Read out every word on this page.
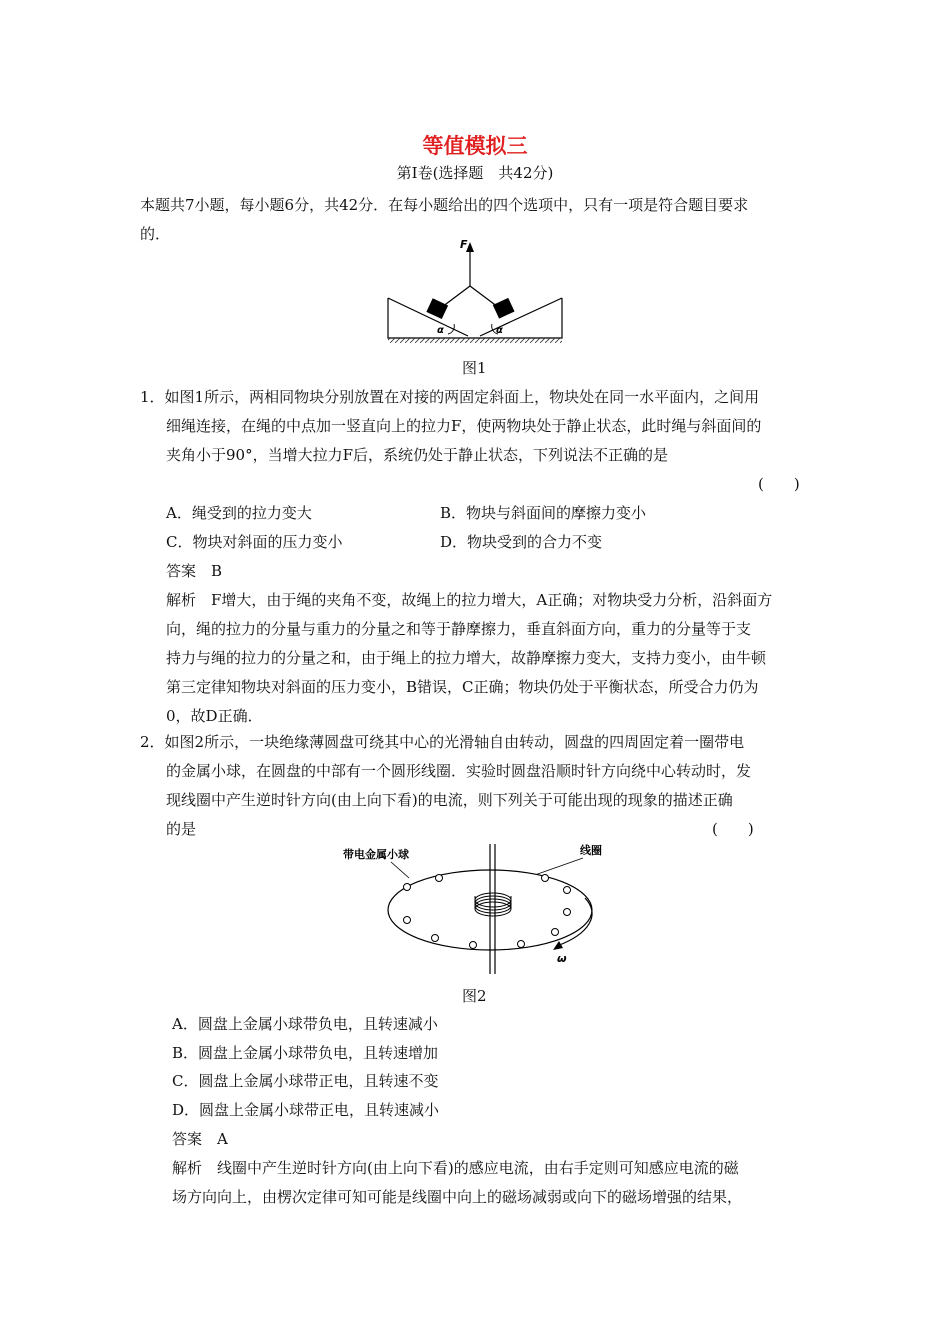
等值模拟三
第Ⅰ卷(选择题　共42分)
本题共7小题，每小题6分，共42分．在每小题给出的四个选项中，只有一项是符合题目要求
的．
F
α	α
图1
1．如图1所示，两相同物块分别放置在对接的两固定斜面上，物块处在同一水平面内，之间用
细绳连接，在绳的中点加一竖直向上的拉力F，使两物块处于静止状态，此时绳与斜面间的
夹角小于90°，当增大拉力F后，系统仍处于静止状态，下列说法不正确的是
(　　)
A．绳受到的拉力变大	B．物块与斜面间的摩擦力变小
C．物块对斜面的压力变小	D．物块受到的合力不变
答案　B
解析　F增大，由于绳的夹角不变，故绳上的拉力增大，A正确；对物块受力分析，沿斜面方
向，绳的拉力的分量与重力的分量之和等于静摩擦力，垂直斜面方向，重力的分量等于支
持力与绳的拉力的分量之和，由于绳上的拉力增大，故静摩擦力变大，支持力变小，由牛顿
第三定律知物块对斜面的压力变小，B错误，C正确；物块仍处于平衡状态，所受合力仍为
0，故D正确．
2．如图2所示，一块绝缘薄圆盘可绕其中心的光滑轴自由转动，圆盘的四周固定着一圈带电
的金属小球，在圆盘的中部有一个圆形线圈．实验时圆盘沿顺时针方向绕中心转动时，发
现线圈中产生逆时针方向(由上向下看)的电流，则下列关于可能出现的现象的描述正确
的是	(　　)
带电金属小球	线圈
ω
图2
A．圆盘上金属小球带负电，且转速减小
B．圆盘上金属小球带负电，且转速增加
C．圆盘上金属小球带正电，且转速不变
D．圆盘上金属小球带正电，且转速减小
答案　A
解析　线圈中产生逆时针方向(由上向下看)的感应电流，由右手定则可知感应电流的磁
场方向向上，由楞次定律可知可能是线圈中向上的磁场减弱或向下的磁场增强的结果，
